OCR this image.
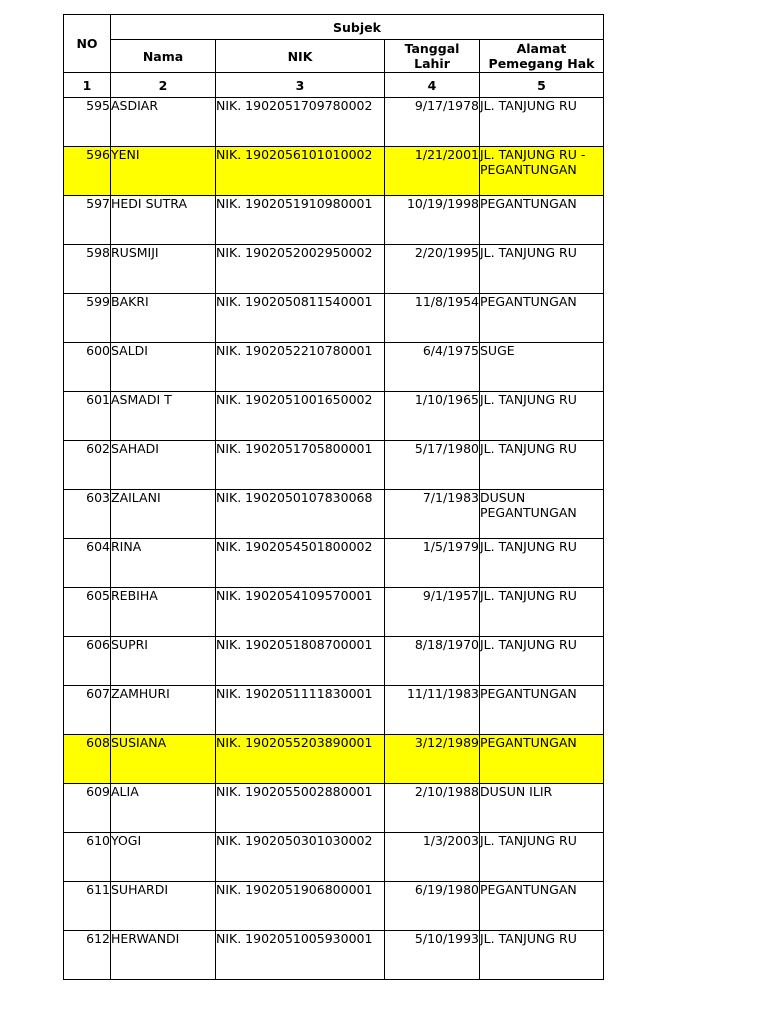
NO	Subjek			
	Nama	NIK	Tanggal Lahir	Alamat Pemegang Hak
1	2	3	4	5
595	ASDIAR	NIK. 1902051709780002	9/17/1978	JL. TANJUNG RU
596	YENI	NIK. 1902056101010002	1/21/2001	JL. TANJUNG RU - PEGANTUNGAN
597	HEDI SUTRA	NIK. 1902051910980001	10/19/1998	PEGANTUNGAN
598	RUSMIJI	NIK. 1902052002950002	2/20/1995	JL. TANJUNG RU
599	BAKRI	NIK. 1902050811540001	11/8/1954	PEGANTUNGAN
600	SALDI	NIK. 1902052210780001	6/4/1975	SUGE
601	ASMADI T	NIK. 1902051001650002	1/10/1965	JL. TANJUNG RU
602	SAHADI	NIK. 1902051705800001	5/17/1980	JL. TANJUNG RU
603	ZAILANI	NIK. 1902050107830068	7/1/1983	DUSUN PEGANTUNGAN
604	RINA	NIK. 1902054501800002	1/5/1979	JL. TANJUNG RU
605	REBIHA	NIK. 1902054109570001	9/1/1957	JL. TANJUNG RU
606	SUPRI	NIK. 1902051808700001	8/18/1970	JL. TANJUNG RU
607	ZAMHURI	NIK. 1902051111830001	11/11/1983	PEGANTUNGAN
608	SUSIANA	NIK. 1902055203890001	3/12/1989	PEGANTUNGAN
609	ALIA	NIK. 1902055002880001	2/10/1988	DUSUN ILIR
610	YOGI	NIK. 1902050301030002	1/3/2003	JL. TANJUNG RU
611	SUHARDI	NIK. 1902051906800001	6/19/1980	PEGANTUNGAN
612	HERWANDI	NIK. 1902051005930001	5/10/1993	JL. TANJUNG RU
